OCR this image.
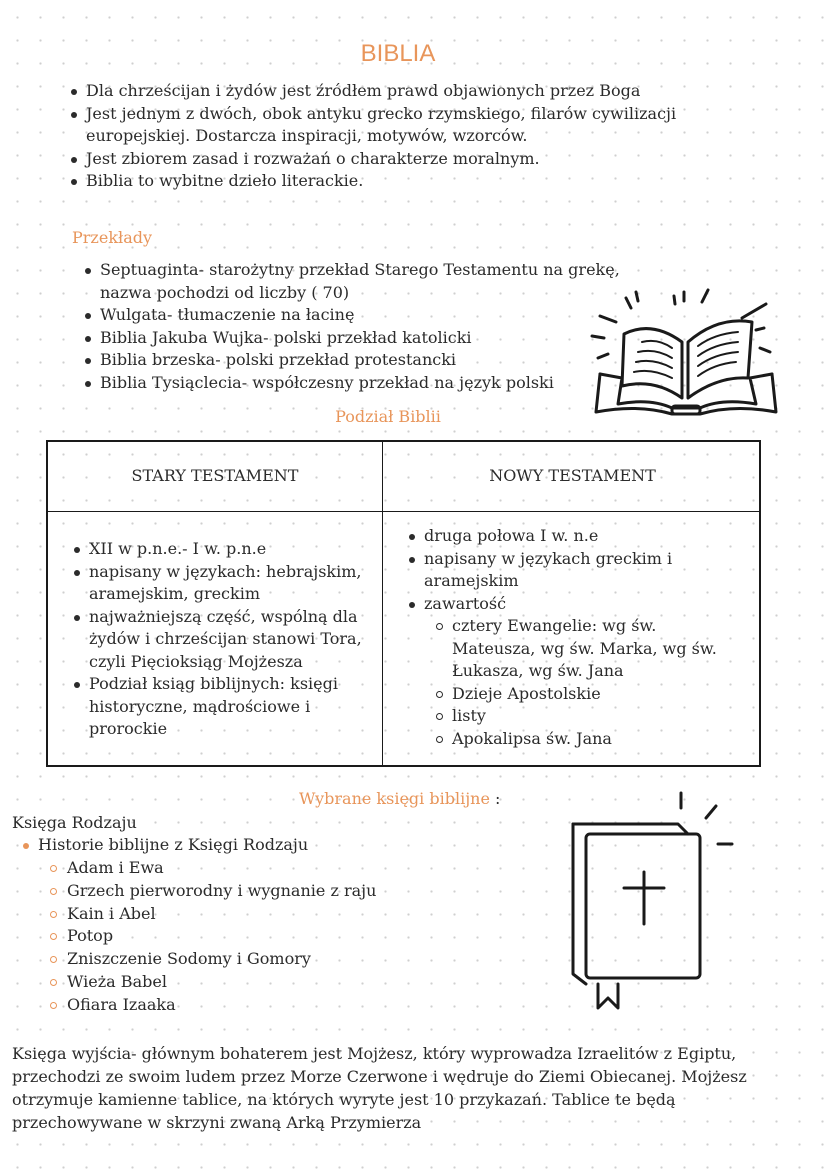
BIBLIA
Dla chrześcijan i żydów jest źródłem prawd objawionych przez Boga
Jest jednym z dwóch, obok antyku grecko rzymskiego, filarów cywilizacji europejskiej. Dostarcza inspiracji, motywów, wzorców.
Jest zbiorem zasad i rozważań o charakterze moralnym.
Biblia to wybitne dzieło literackie.
Przekłady
Septuaginta- starożytny przekład Starego Testamentu na grekę, nazwa pochodzi od liczby ( 70)
Wulgata- tłumaczenie na łacinę
Biblia Jakuba Wujka- polski przekład katolicki
Biblia brzeska- polski przekład protestancki
Biblia Tysiąclecia- współczesny przekład na język polski
Podział Biblii
STARY TESTAMENT	NOWY TESTAMENT
XII w p.n.e.- I w. p.n.e
napisany w językach: hebrajskim, aramejskim, greckim
najważniejszą część, wspólną dla żydów i chrześcijan stanowi Tora, czyli Pięcioksiąg Mojżesza
Podział ksiąg biblijnych: księgi historyczne, mądrościowe i prorockie
druga połowa I w. n.e
napisany w językach greckim i aramejskim
zawartość
cztery Ewangelie: wg św. Mateusza, wg św. Marka, wg św. Łukasza, wg św. Jana
Dzieje Apostolskie
listy
Apokalipsa św. Jana
Wybrane księgi biblijne :
Księga Rodzaju
Historie biblijne z Księgi Rodzaju
Adam i Ewa
Grzech pierworodny i wygnanie z raju
Kain i Abel
Potop
Zniszczenie Sodomy i Gomory
Wieża Babel
Ofiara Izaaka
Księga wyjścia- głównym bohaterem jest Mojżesz, który wyprowadza Izraelitów z Egiptu, przechodzi ze swoim ludem przez Morze Czerwone i wędruje do Ziemi Obiecanej. Mojżesz otrzymuje kamienne tablice, na których wyryte jest 10 przykazań. Tablice te będą przechowywane w skrzyni zwaną Arką Przymierza
